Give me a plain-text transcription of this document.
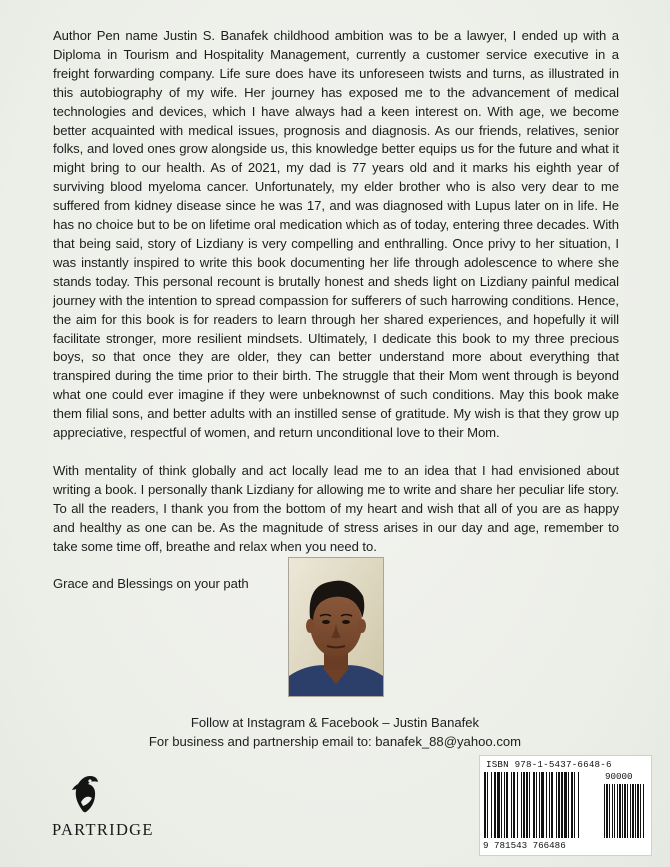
Author Pen name Justin S. Banafek childhood ambition was to be a lawyer, I ended up with a Diploma in Tourism and Hospitality Management, currently a customer service executive in a freight forwarding company. Life sure does have its unforeseen twists and turns, as illustrated in this autobiography of my wife. Her journey has exposed me to the advancement of medical technologies and devices, which I have always had a keen interest on. With age, we become better acquainted with medical issues, prognosis and diagnosis. As our friends, relatives, senior folks, and loved ones grow alongside us, this knowledge better equips us for the future and what it might bring to our health. As of 2021, my dad is 77 years old and it marks his eighth year of surviving blood myeloma cancer. Unfortunately, my elder brother who is also very dear to me suffered from kidney disease since he was 17, and was diagnosed with Lupus later on in life. He has no choice but to be on lifetime oral medication which as of today, entering three decades. With that being said, story of Lizdiany is very compelling and enthralling. Once privy to her situation, I was instantly inspired to write this book documenting her life through adolescence to where she stands today. This personal recount is brutally honest and sheds light on Lizdiany painful medical journey with the intention to spread compassion for sufferers of such harrowing conditions. Hence, the aim for this book is for readers to learn through her shared experiences, and hopefully it will facilitate stronger, more resilient mindsets. Ultimately, I dedicate this book to my three precious boys, so that once they are older, they can better understand more about everything that transpired during the time prior to their birth. The struggle that their Mom went through is beyond what one could ever imagine if they were unbeknownst of such conditions. May this book make them filial sons, and better adults with an instilled sense of gratitude. My wish is that they grow up appreciative, respectful of women, and return unconditional love to their Mom.

With mentality of think globally and act locally lead me to an idea that I had envisioned about writing a book. I personally thank Lizdiany for allowing me to write and share her peculiar life story. To all the readers, I thank you from the bottom of my heart and wish that all of you are as happy and healthy as one can be. As the magnitude of stress arises in our day and age, remember to take some time off, breathe and relax when you need to.

Grace and Blessings on your path

Follow at Instagram & Facebook – Justin Banafek
For business and partnership email to: banafek_88@yahoo.com
PARTRIDGE
ISBN 978-1-5437-6648-6
90000
9 781543 766486
